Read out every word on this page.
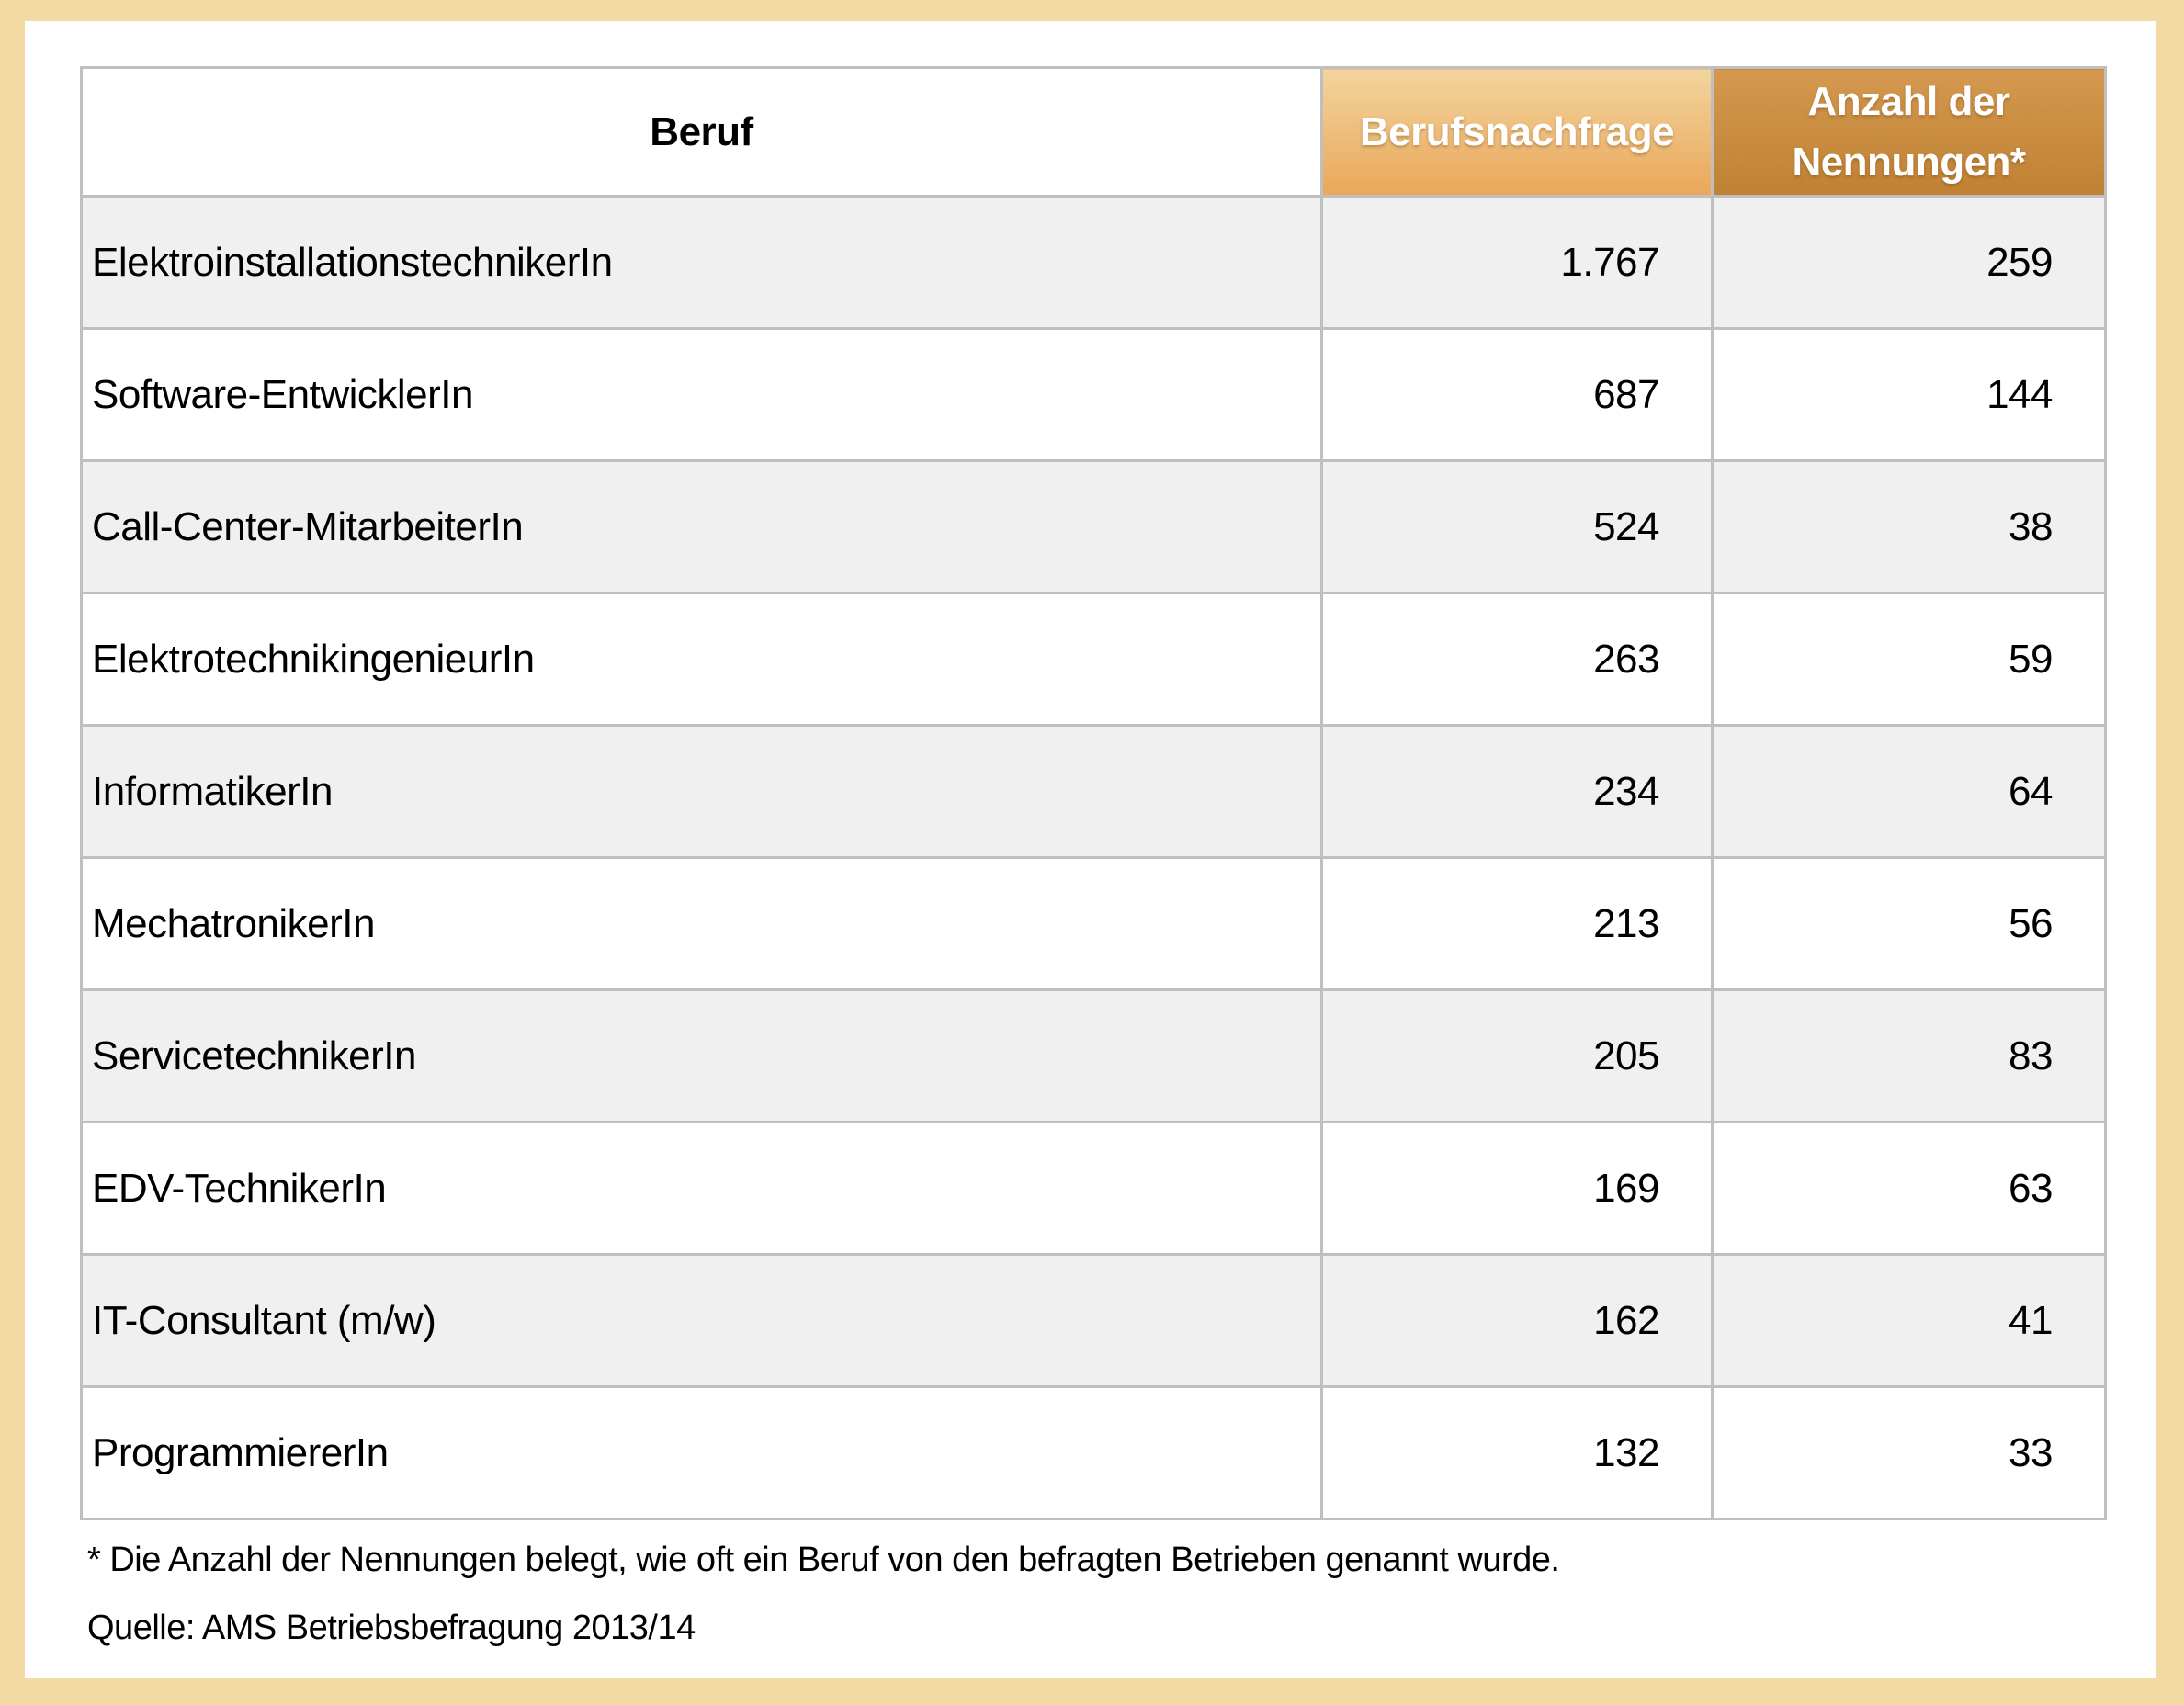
Beruf	Berufsnachfrage	Anzahl der Nennungen*
ElektroinstallationstechnikerIn	1.767	259
Software-EntwicklerIn	687	144
Call-Center-MitarbeiterIn	524	38
ElektrotechnikingenieurIn	263	59
InformatikerIn	234	64
MechatronikerIn	213	56
ServicetechnikerIn	205	83
EDV-TechnikerIn	169	63
IT-Consultant (m/w)	162	41
ProgrammiererIn	132	33
* Die Anzahl der Nennungen belegt, wie oft ein Beruf von den befragten Betrieben genannt wurde.
Quelle: AMS Betriebsbefragung 2013/14
